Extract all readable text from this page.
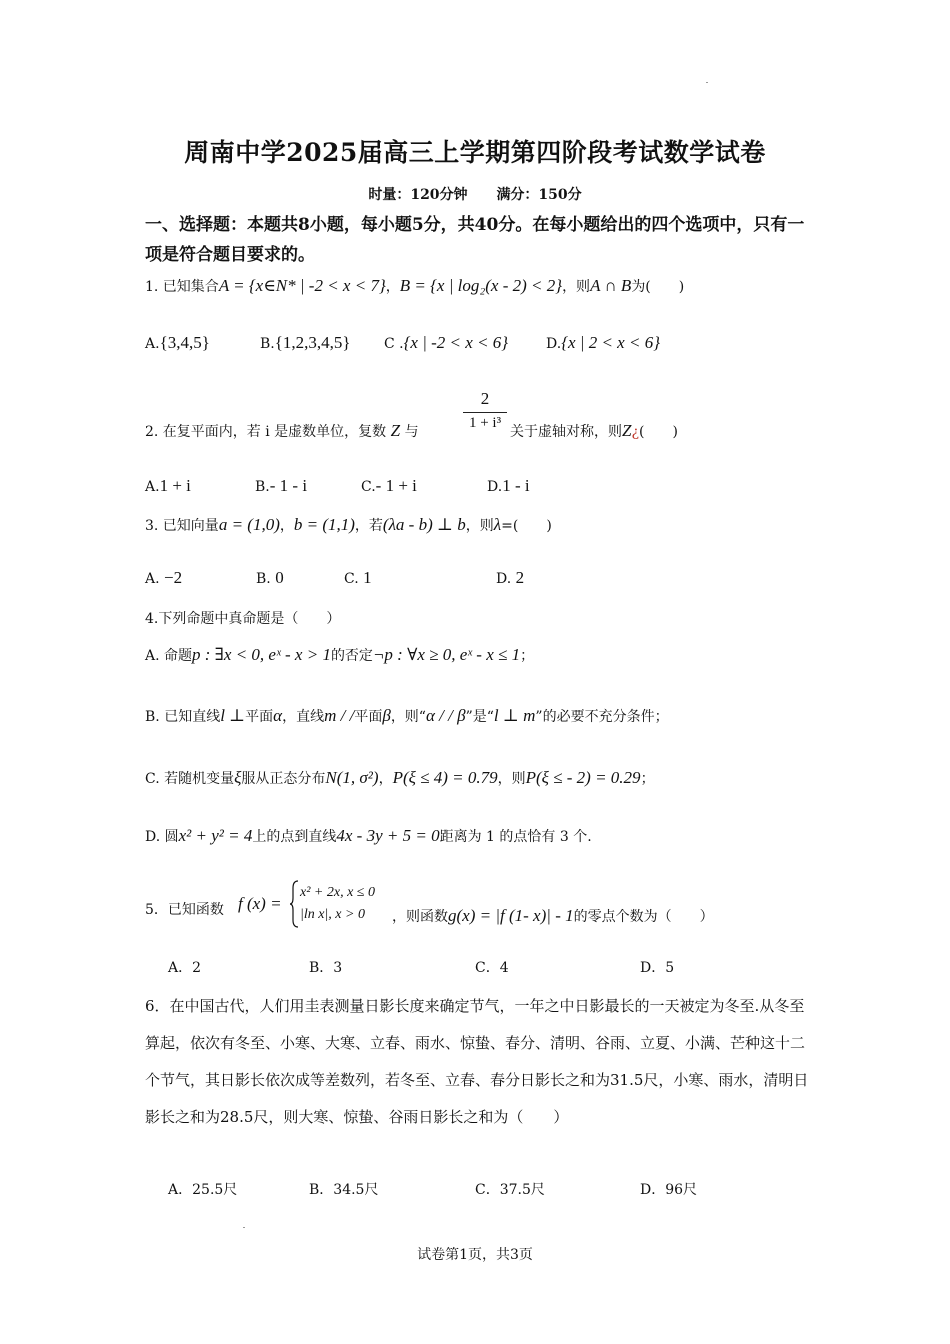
周南中学2025届高三上学期第四阶段考试数学试卷
时量：120分钟 满分：150分
一、选择题：本题共8小题，每小题5分，共40分。在每小题给出的四个选项中，只有一项是符合题目要求的。
1. 已知集合A = {x∈N* | -2 < x < 7}，B = {x | log₂(x - 2) < 2}，则A ∩ B为(　　)
A.{3,4,5}	B.{1,2,3,4,5} C .{x | -2 < x < 6}	D.{x | 2 < x < 6}
2
1 + i³
2. 在复平面内，若 i 是虚数单位，复数 Z 与	关于虚轴对称，则Z¿(　　)
A.1 + i	B.- 1 - i	C.- 1 + i	D.1 - i
3. 已知向量a = (1,0)，b = (1,1)，若(λa - b) ⊥ b，则λ=(　　)
A. −2	B. 0	C. 1	D. 2
4.下列命题中真命题是（　　）
A. 命题p : ∃x < 0, eˣ - x > 1的否定¬p : ∀x ≥ 0, eˣ - x ≤ 1；
B. 已知直线l ⊥平面α，直线m / /平面β，则“α / / β”是“l ⊥ m”的必要不充分条件；
C. 若随机变量ξ服从正态分布N(1, σ²)，P(ξ ≤ 4) = 0.79，则P(ξ ≤ - 2) = 0.29；
D. 圆x² + y² = 4上的点到直线4x - 3y + 5 = 0距离为 1 的点恰有 3 个.
5．已知函数 f (x) =
x² + 2x, x ≤ 0
|ln x|, x > 0	，则函数g(x) = |f (1- x)| - 1的零点个数为（　　）
A．2	B．3	C．4	D．5
6．在中国古代，人们用圭表测量日影长度来确定节气，一年之中日影最长的一天被定为冬至.从冬至算起，依次有冬至、小寒、大寒、立春、雨水、惊蛰、春分、清明、谷雨、立夏、小满、芒种这十二个节气，其日影长依次成等差数列，若冬至、立春、春分日影长之和为31.5尺，小寒、雨水，清明日影长之和为28.5尺，则大寒、惊蛰、谷雨日影长之和为（　　）
A．25.5尺	B．34.5尺	C．37.5尺	D．96尺
试卷第1页，共3页
